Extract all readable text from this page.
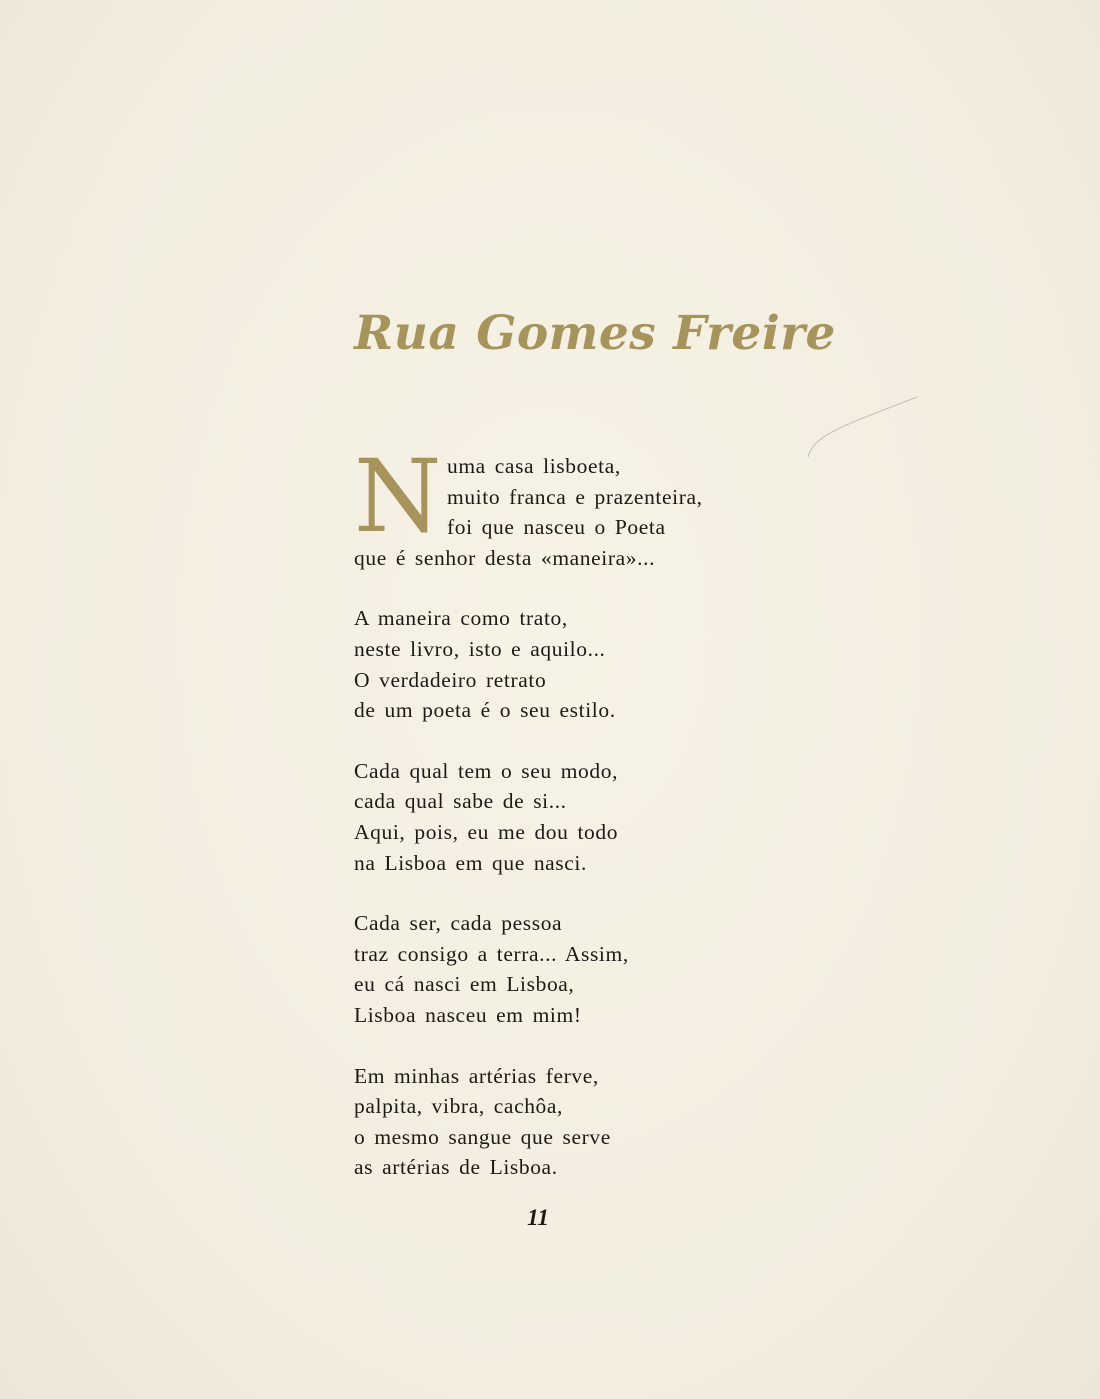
Rua Gomes Freire
N uma casa lisboeta,
muito franca e prazenteira,
foi que nasceu o Poeta
que é senhor desta «maneira»...
A maneira como trato,
neste livro, isto e aquilo...
O verdadeiro retrato
de um poeta é o seu estilo.
Cada qual tem o seu modo,
cada qual sabe de si...
Aqui, pois, eu me dou todo
na Lisboa em que nasci.
Cada ser, cada pessoa
traz consigo a terra... Assim,
eu cá nasci em Lisboa,
Lisboa nasceu em mim!
Em minhas artérias ferve,
palpita, vibra, cachôa,
o mesmo sangue que serve
as artérias de Lisboa.
11
